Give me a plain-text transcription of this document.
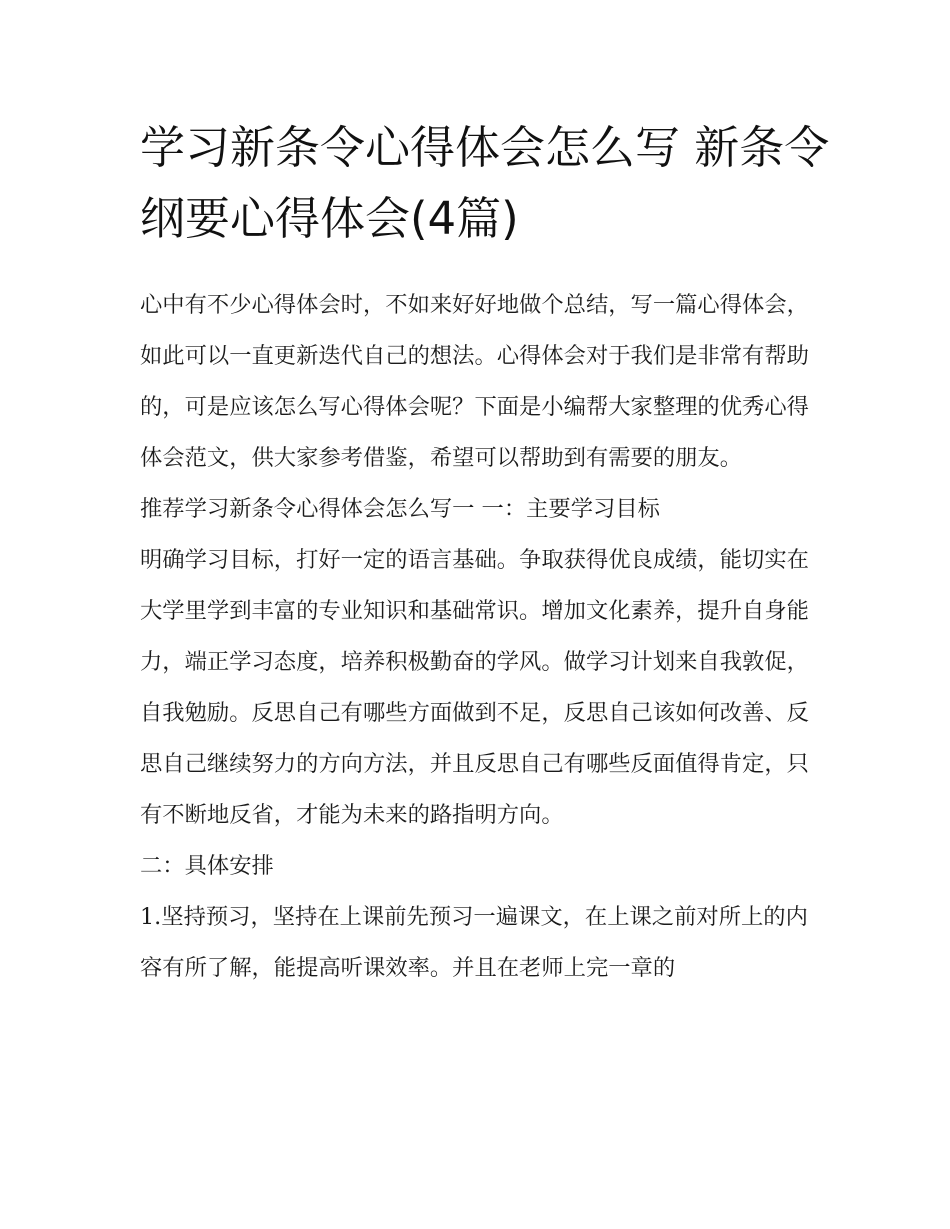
学习新条令心得体会怎么写 新条令纲要心得体会(4篇)

心中有不少心得体会时，不如来好好地做个总结，写一篇心得体会，如此可以一直更新迭代自己的想法。心得体会对于我们是非常有帮助的，可是应该怎么写心得体会呢？下面是小编帮大家整理的优秀心得体会范文，供大家参考借鉴，希望可以帮助到有需要的朋友。

推荐学习新条令心得体会怎么写一 一：主要学习目标

明确学习目标，打好一定的语言基础。争取获得优良成绩，能切实在大学里学到丰富的专业知识和基础常识。增加文化素养，提升自身能力，端正学习态度，培养积极勤奋的学风。做学习计划来自我敦促，自我勉励。反思自己有哪些方面做到不足，反思自己该如何改善、反思自己继续努力的方向方法，并且反思自己有哪些反面值得肯定，只有不断地反省，才能为未来的路指明方向。

二：具体安排

1.坚持预习，坚持在上课前先预习一遍课文，在上课之前对所上的内容有所了解，能提高听课效率。并且在老师上完一章的
